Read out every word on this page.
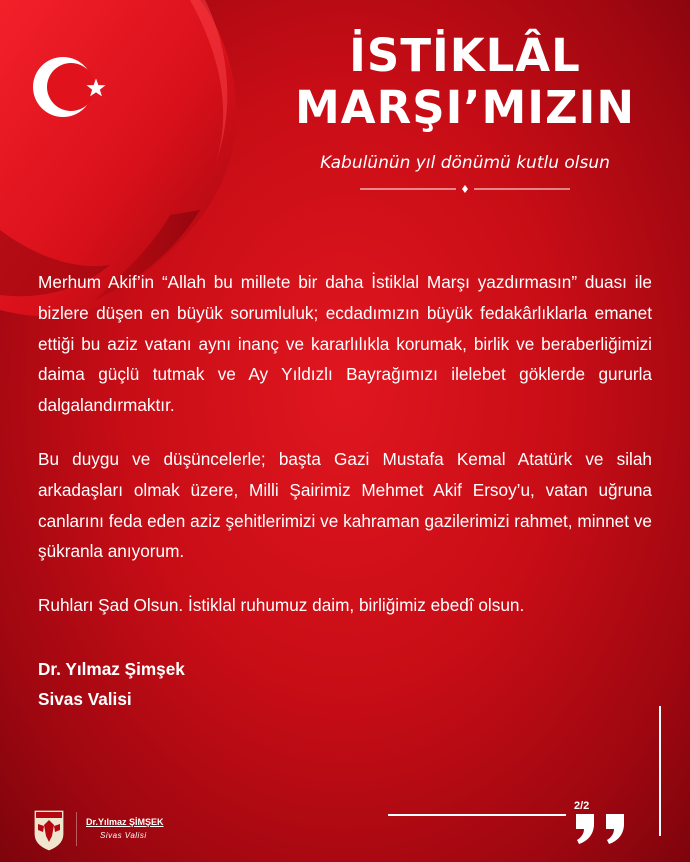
İSTİKLÂL
MARŞI’MIZIN
Kabulünün yıl dönümü kutlu olsun

Merhum Akif’in “Allah bu millete bir daha İstiklal Marşı yazdırmasın” duası ile bizlere düşen en büyük sorumluluk; ecdadımızın büyük fedakârlıklarla emanet ettiği bu aziz vatanı aynı inanç ve kararlılıkla korumak, birlik ve beraberliğimizi daima güçlü tutmak ve Ay Yıldızlı Bayrağımızı ilelebet göklerde gururla dalgalandırmaktır.

Bu duygu ve düşüncelerle; başta Gazi Mustafa Kemal Atatürk ve silah arkadaşları olmak üzere, Milli Şairimiz Mehmet Akif Ersoy’u, vatan uğruna canlarını feda eden aziz şehitlerimizi ve kahraman gazilerimizi rahmet, minnet ve şükranla anıyorum.

Ruhları Şad Olsun. İstiklal ruhumuz daim, birliğimiz ebedî olsun.

Dr. Yılmaz Şimşek
Sivas Valisi
2/2
Dr.Yılmaz ŞİMŞEK
Sivas Valisi
